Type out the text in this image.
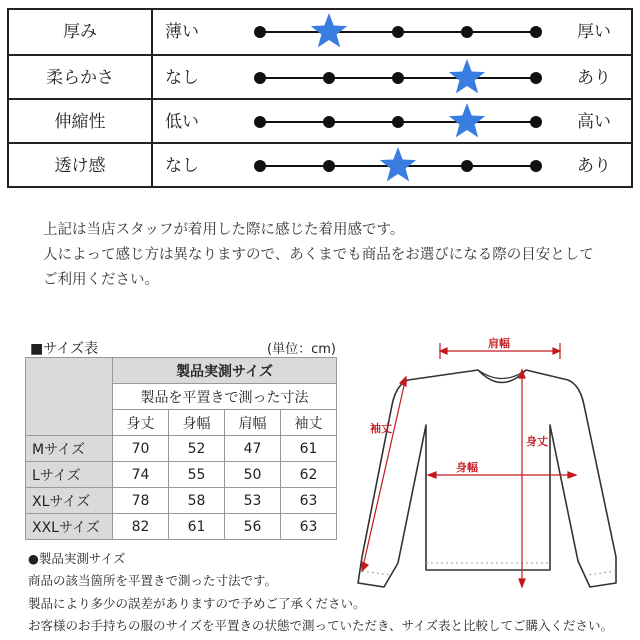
厚み	薄い	厚い
柔らかさ	なし	あり
伸縮性	低い	高い
透け感	なし	あり
上記は当店スタッフが着用した際に感じた着用感です。
人によって感じ方は異なりますので、あくまでも商品をお選びになる際の目安として
ご利用ください。
■サイズ表	(単位：cm)
	製品実測サイズ			
	製品を平置きで測った寸法			
	身丈	身幅	肩幅	袖丈
Mサイズ	70	52	47	61
Lサイズ	74	55	50	62
XLサイズ	78	58	53	63
XXLサイズ	82	61	56	63
●製品実測サイズ
商品の該当箇所を平置きで測った寸法です。
製品により多少の誤差がありますので予めご了承ください。
お客様のお手持ちの服のサイズを平置きの状態で測っていただき、サイズ表と比較してご購入ください。
肩幅
袖丈
身丈
身幅
